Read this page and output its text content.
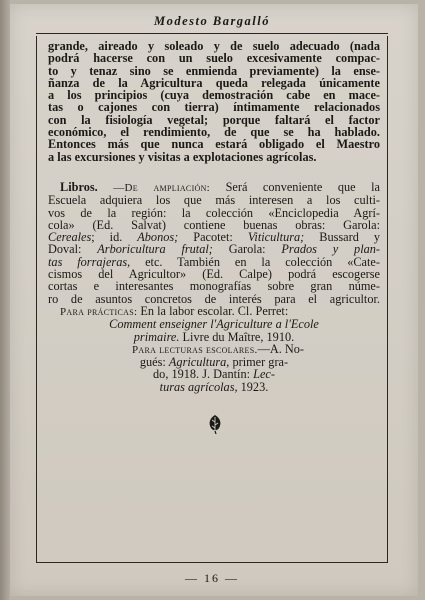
Modesto Bargalló
grande, aireado y soleado y de suelo adecuado (nada
podrá hacerse con un suelo excesivamente compac-
to y tenaz sino se enmienda previamente) la ense-
ñanza de la Agricultura queda relegada únicamente
a los principios (cuya demostración cabe en mace-
tas o cajones con tierra) íntimamente relacionados
con la fisiología vegetal; porque faltará el factor
económico, el rendimiento, de que se ha hablado.
Entonces más que nunca estará obligado el Maestro
a las excursiones y visitas a explotaciones agrícolas.
Libros. —De ampliación: Será conveniente que la
Escuela adquiera los que más interesen a los culti-
vos de la región: la colección «Enciclopedia Agrí-
cola» (Ed. Salvat) contiene buenas obras: Garola:
Cereales; id. Abonos; Pacotet: Viticultura; Bussard y
Doval: Arboricultura frutal; Garola: Prados y plan-
tas forrajeras, etc. También en la colección «Cate-
cismos del Agricultor» (Ed. Calpe) podrá escogerse
cortas e interesantes monografías sobre gran núme-
ro de asuntos concretos de interés para el agricultor.
Para prácticas: En la labor escolar. Cl. Perret:
Comment enseigner l'Agriculture a l'Ecole
primaire. Livre du Maître, 1910.
Para lecturas escolares.—A. No-
gués: Agricultura, primer gra-
do, 1918. J. Dantín: Lec-
turas agrícolas, 1923.
— 16 —
